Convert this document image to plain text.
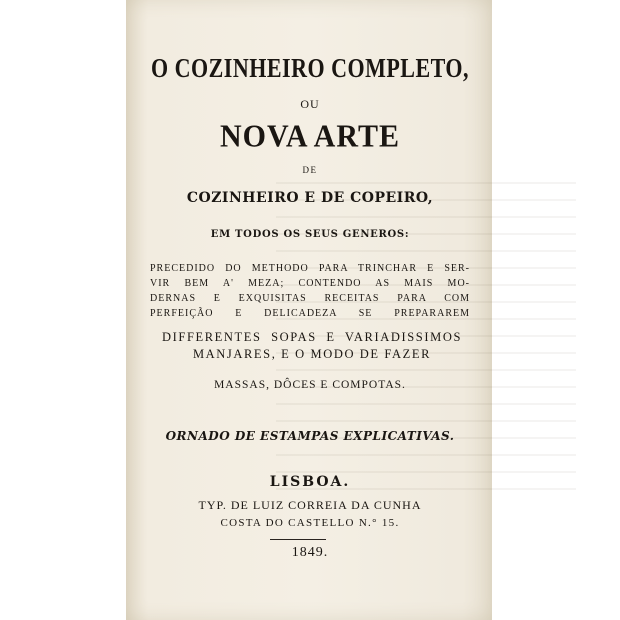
O COZINHEIRO COMPLETO,
OU
NOVA ARTE
DE
COZINHEIRO E DE COPEIRO,
EM TODOS OS SEUS GENEROS:
PRECEDIDO DO METHODO PARA TRINCHAR E SER-
VIR BEM A' MEZA; CONTENDO AS MAIS MO-
DERNAS E EXQUISITAS RECEITAS PARA COM
PERFEIÇÃO E DELICADEZA SE PREPARAREM
DIFFERENTES SOPAS E VARIADISSIMOS
MANJARES, E O MODO DE FAZER
MASSAS, DÔCES E COMPOTAS.
ORNADO DE ESTAMPAS EXPLICATIVAS.
LISBOA.
TYP. DE LUIZ CORREIA DA CUNHA
COSTA DO CASTELLO N.° 15.
1849.
